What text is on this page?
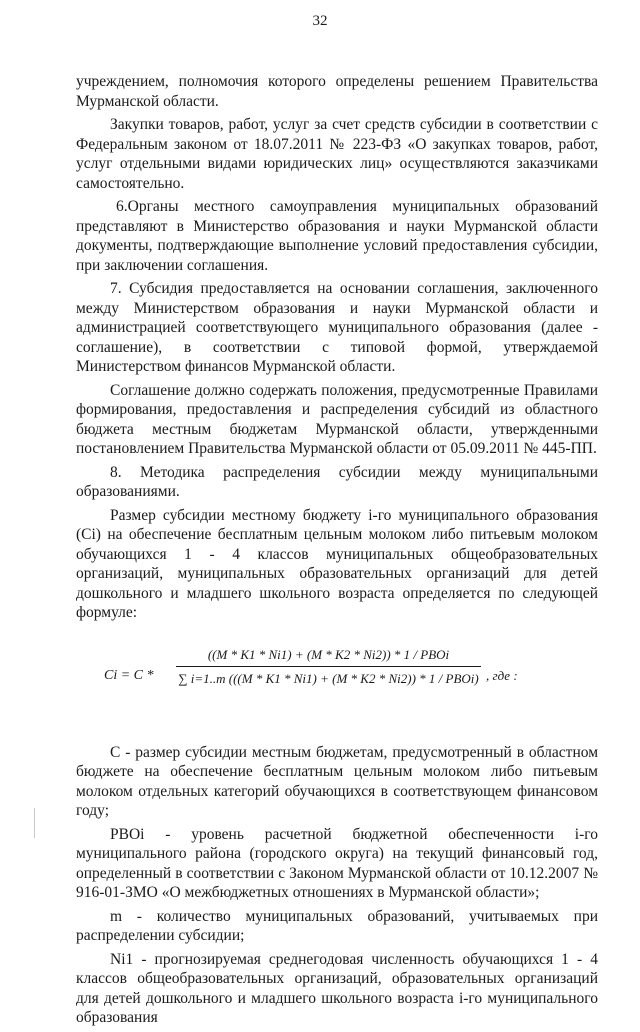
32

учреждением, полномочия которого определены решением Правительства Мурманской области.

Закупки товаров, работ, услуг за счет средств субсидии в соответствии с Федеральным законом от 18.07.2011 № 223-ФЗ «О закупках товаров, работ, услуг отдельными видами юридических лиц» осуществляются заказчиками самостоятельно.

6.Органы местного самоуправления муниципальных образований представляют в Министерство образования и науки Мурманской области документы, подтверждающие выполнение условий предоставления субсидии, при заключении соглашения.

7. Субсидия предоставляется на основании соглашения, заключенного между Министерством образования и науки Мурманской области и администрацией соответствующего муниципального образования (далее - соглашение), в соответствии с типовой формой, утверждаемой Министерством финансов Мурманской области.

Соглашение должно содержать положения, предусмотренные Правилами формирования, предоставления и распределения субсидий из областного бюджета местным бюджетам Мурманской области, утвержденными постановлением Правительства Мурманской области от 05.09.2011 № 445-ПП.

8. Методика распределения субсидии между муниципальными образованиями.

Размер субсидии местному бюджету i-го муниципального образования (Ci) на обеспечение бесплатным цельным молоком либо питьевым молоком обучающихся 1 - 4 классов муниципальных общеобразовательных организаций, муниципальных образовательных организаций для детей дошкольного и младшего школьного возраста определяется по следующей формуле:

Ci = C *
((M * K1 * Ni1) + (M * K2 * Ni2)) * 1 / PBOi
∑ i=1..m (((M * K1 * Ni1) + (M * K2 * Ni2)) * 1 / PBOi) , где :

С - размер субсидии местным бюджетам, предусмотренный в областном бюджете на обеспечение бесплатным цельным молоком либо питьевым молоком отдельных категорий обучающихся в соответствующем финансовом году;

PBOi - уровень расчетной бюджетной обеспеченности i-го муниципального района (городского округа) на текущий финансовый год, определенный в соответствии с Законом Мурманской области от 10.12.2007 № 916-01-ЗМО «О межбюджетных отношениях в Мурманской области»;

m - количество муниципальных образований, учитываемых при распределении субсидии;

Ni1 - прогнозируемая среднегодовая численность обучающихся 1 - 4 классов общеобразовательных организаций, образовательных организаций для детей дошкольного и младшего школьного возраста i-го муниципального образования
